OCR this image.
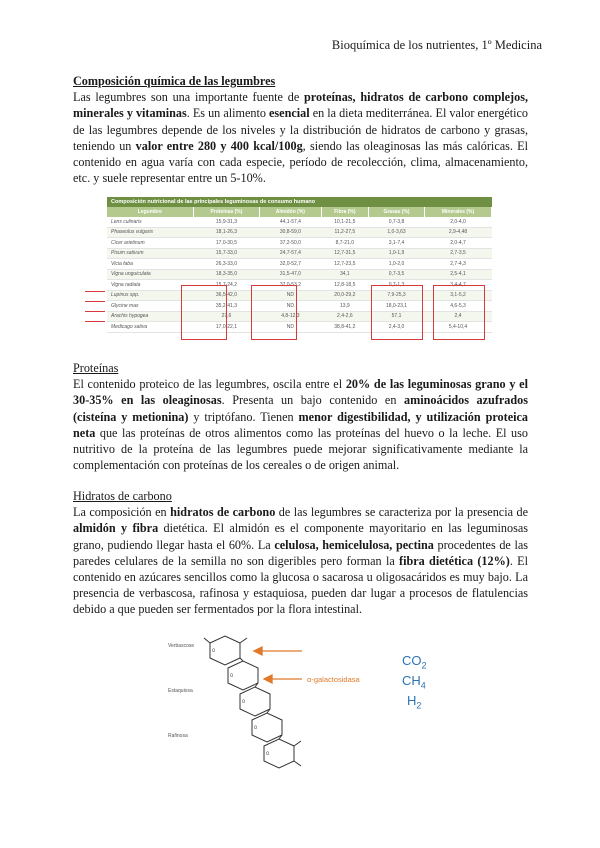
Bioquímica de los nutrientes, 1º Medicina
Composición química de las legumbres
Las legumbres son una importante fuente de proteínas, hidratos de carbono complejos, minerales y vitaminas. Es un alimento esencial en la dieta mediterránea. El valor energético de las legumbres depende de los niveles y la distribución de hidratos de carbono y grasas, teniendo un valor entre 280 y 400 kcal/100g, siendo las oleaginosas las más calóricas. El contenido en agua varía con cada especie, período de recolección, clima, almacenamiento, etc. y suele representar entre un 5-10%.
Composición nutricional de las principales leguminosas de consumo humano
Legumbre	Proteínas (%)	Almidón (%)	Fibra (%)	Grasas (%)	Minerales (%)
Lens culinaris	15,9-31,3	44,1-57,4	10,1-21,5	0,7-3,8	2,0-4,0
Phaseolus vulgaris	18,1-26,3	30,8-59,0	11,2-27,5	1,0-3,63	2,9-4,48
Cicer arietinum	17,0-30,5	37,2-50,0	8,7-21,0	3,1-7,4	2,0-4,7
Pisum sativum	15,7-33,0	24,7-57,4	12,7-31,5	1,0-1,9	2,7-3,5
Vicia faba	26,3-33,0	32,0-52,7	12,7-23,5	1,0-2,0	2,7-4,3
Vigna unguiculata	18,3-35,0	31,5-47,0	34,1	0,7-3,5	2,5-4,1
Vigna radiata	15,7-24,2	37,0-53,2	12,8-18,5	0,7-1,3	3,4-4,7
Lupinus spp.	36,5-42,0	ND	20,0-29,2	7,9-25,3	3,1-5,2
Glycine max	35,2-41,3	ND	13,9	18,0-23,1	4,6-5,3
Arachis hypogea	27,6	4,8-12,3	2,4-2,6	57,1	2,4
Medicago sativa	17,0-22,1	ND	38,8-41,2	2,4-3,0	5,4-10,4
Proteínas
El contenido proteico de las legumbres, oscila entre el 20% de las leguminosas grano y el 30-35% en las oleaginosas. Presenta un bajo contenido en aminoácidos azufrados (cisteína y metionina) y triptófano. Tienen menor digestibilidad, y utilización proteica neta que las proteínas de otros alimentos como las proteínas del huevo o la leche. El uso nutritivo de la proteína de las legumbres puede mejorar significativamente mediante la complementación con proteínas de los cereales o de origen animal.
Hidratos de carbono
La composición en hidratos de carbono de las legumbres se caracteriza por la presencia de almidón y fibra dietética. El almidón es el componente mayoritario en las leguminosas grano, pudiendo llegar hasta el 60%. La celulosa, hemicelulosa, pectina procedentes de las paredes celulares de la semilla no son digeribles pero forman la fibra dietética (12%). El contenido en azúcares sencillos como la glucosa o sacarosa u oligosacáridos es muy bajo. La presencia de verbascosa, rafinosa y estaquiosa, pueden dar lugar a procesos de flatulencias debido a que pueden ser fermentados por la flora intestinal.
Verbascose
Estaquiosa
Rafinosa
O
O
O
O
O
α-galactosidasa
$CO_2$
$CH_4$
$H_2$
